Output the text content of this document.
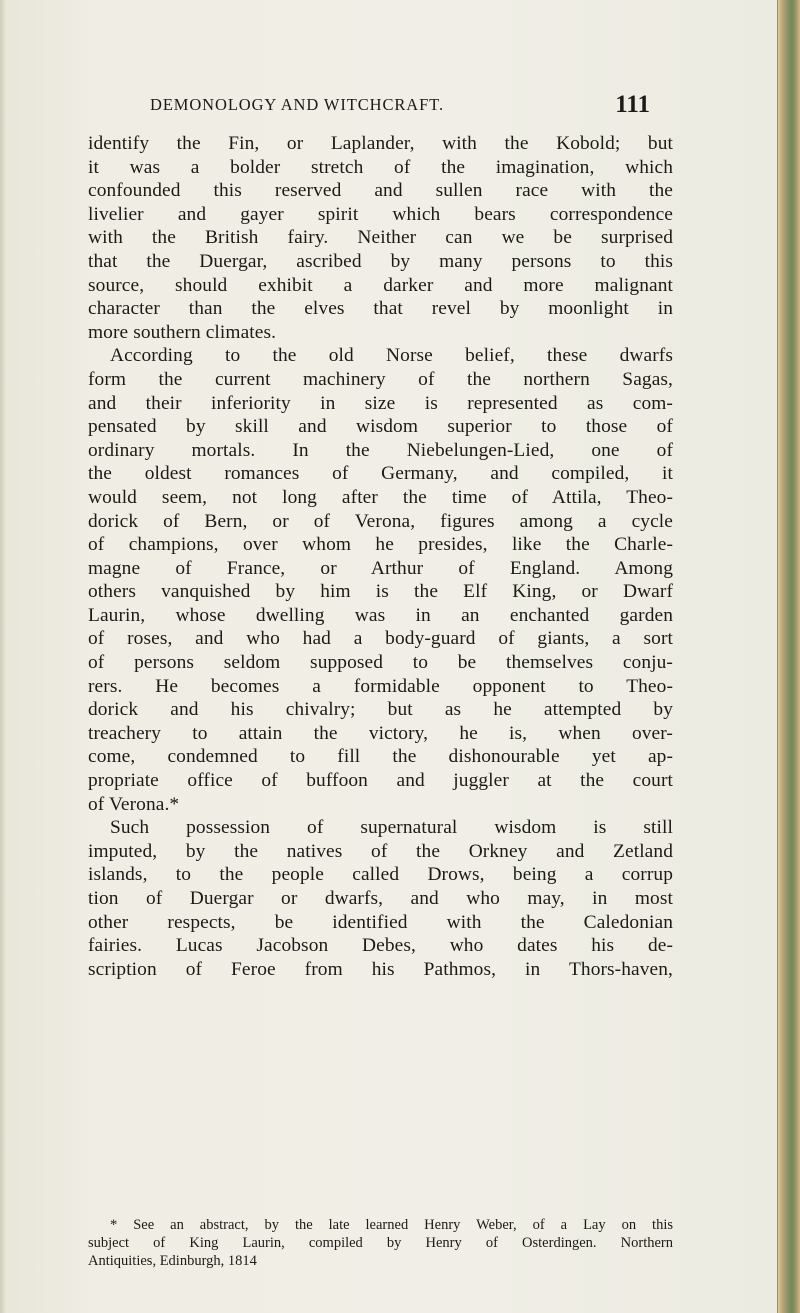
DEMONOLOGY AND WITCHCRAFT.	111
identify the Fin, or Laplander, with the Kobold; but
it was a bolder stretch of the imagination, which
confounded this reserved and sullen race with the
livelier and gayer spirit which bears correspondence
with the British fairy. Neither can we be surprised
that the Duergar, ascribed by many persons to this
source, should exhibit a darker and more malignant
character than the elves that revel by moonlight in
more southern climates.
According to the old Norse belief, these dwarfs
form the current machinery of the northern Sagas,
and their inferiority in size is represented as com-
pensated by skill and wisdom superior to those of
ordinary mortals. In the Niebelungen-Lied, one of
the oldest romances of Germany, and compiled, it
would seem, not long after the time of Attila, Theo-
dorick of Bern, or of Verona, figures among a cycle
of champions, over whom he presides, like the Charle-
magne of France, or Arthur of England. Among
others vanquished by him is the Elf King, or Dwarf
Laurin, whose dwelling was in an enchanted garden
of roses, and who had a body-guard of giants, a sort
of persons seldom supposed to be themselves conju-
rers. He becomes a formidable opponent to Theo-
dorick and his chivalry; but as he attempted by
treachery to attain the victory, he is, when over-
come, condemned to fill the dishonourable yet ap-
propriate office of buffoon and juggler at the court
of Verona.*
Such possession of supernatural wisdom is still
imputed, by the natives of the Orkney and Zetland
islands, to the people called Drows, being a corrup
tion of Duergar or dwarfs, and who may, in most
other respects, be identified with the Caledonian
fairies. Lucas Jacobson Debes, who dates his de-
scription of Feroe from his Pathmos, in Thors-haven,
* See an abstract, by the late learned Henry Weber, of a Lay on this
subject of King Laurin, compiled by Henry of Osterdingen. Northern
Antiquities, Edinburgh, 1814
